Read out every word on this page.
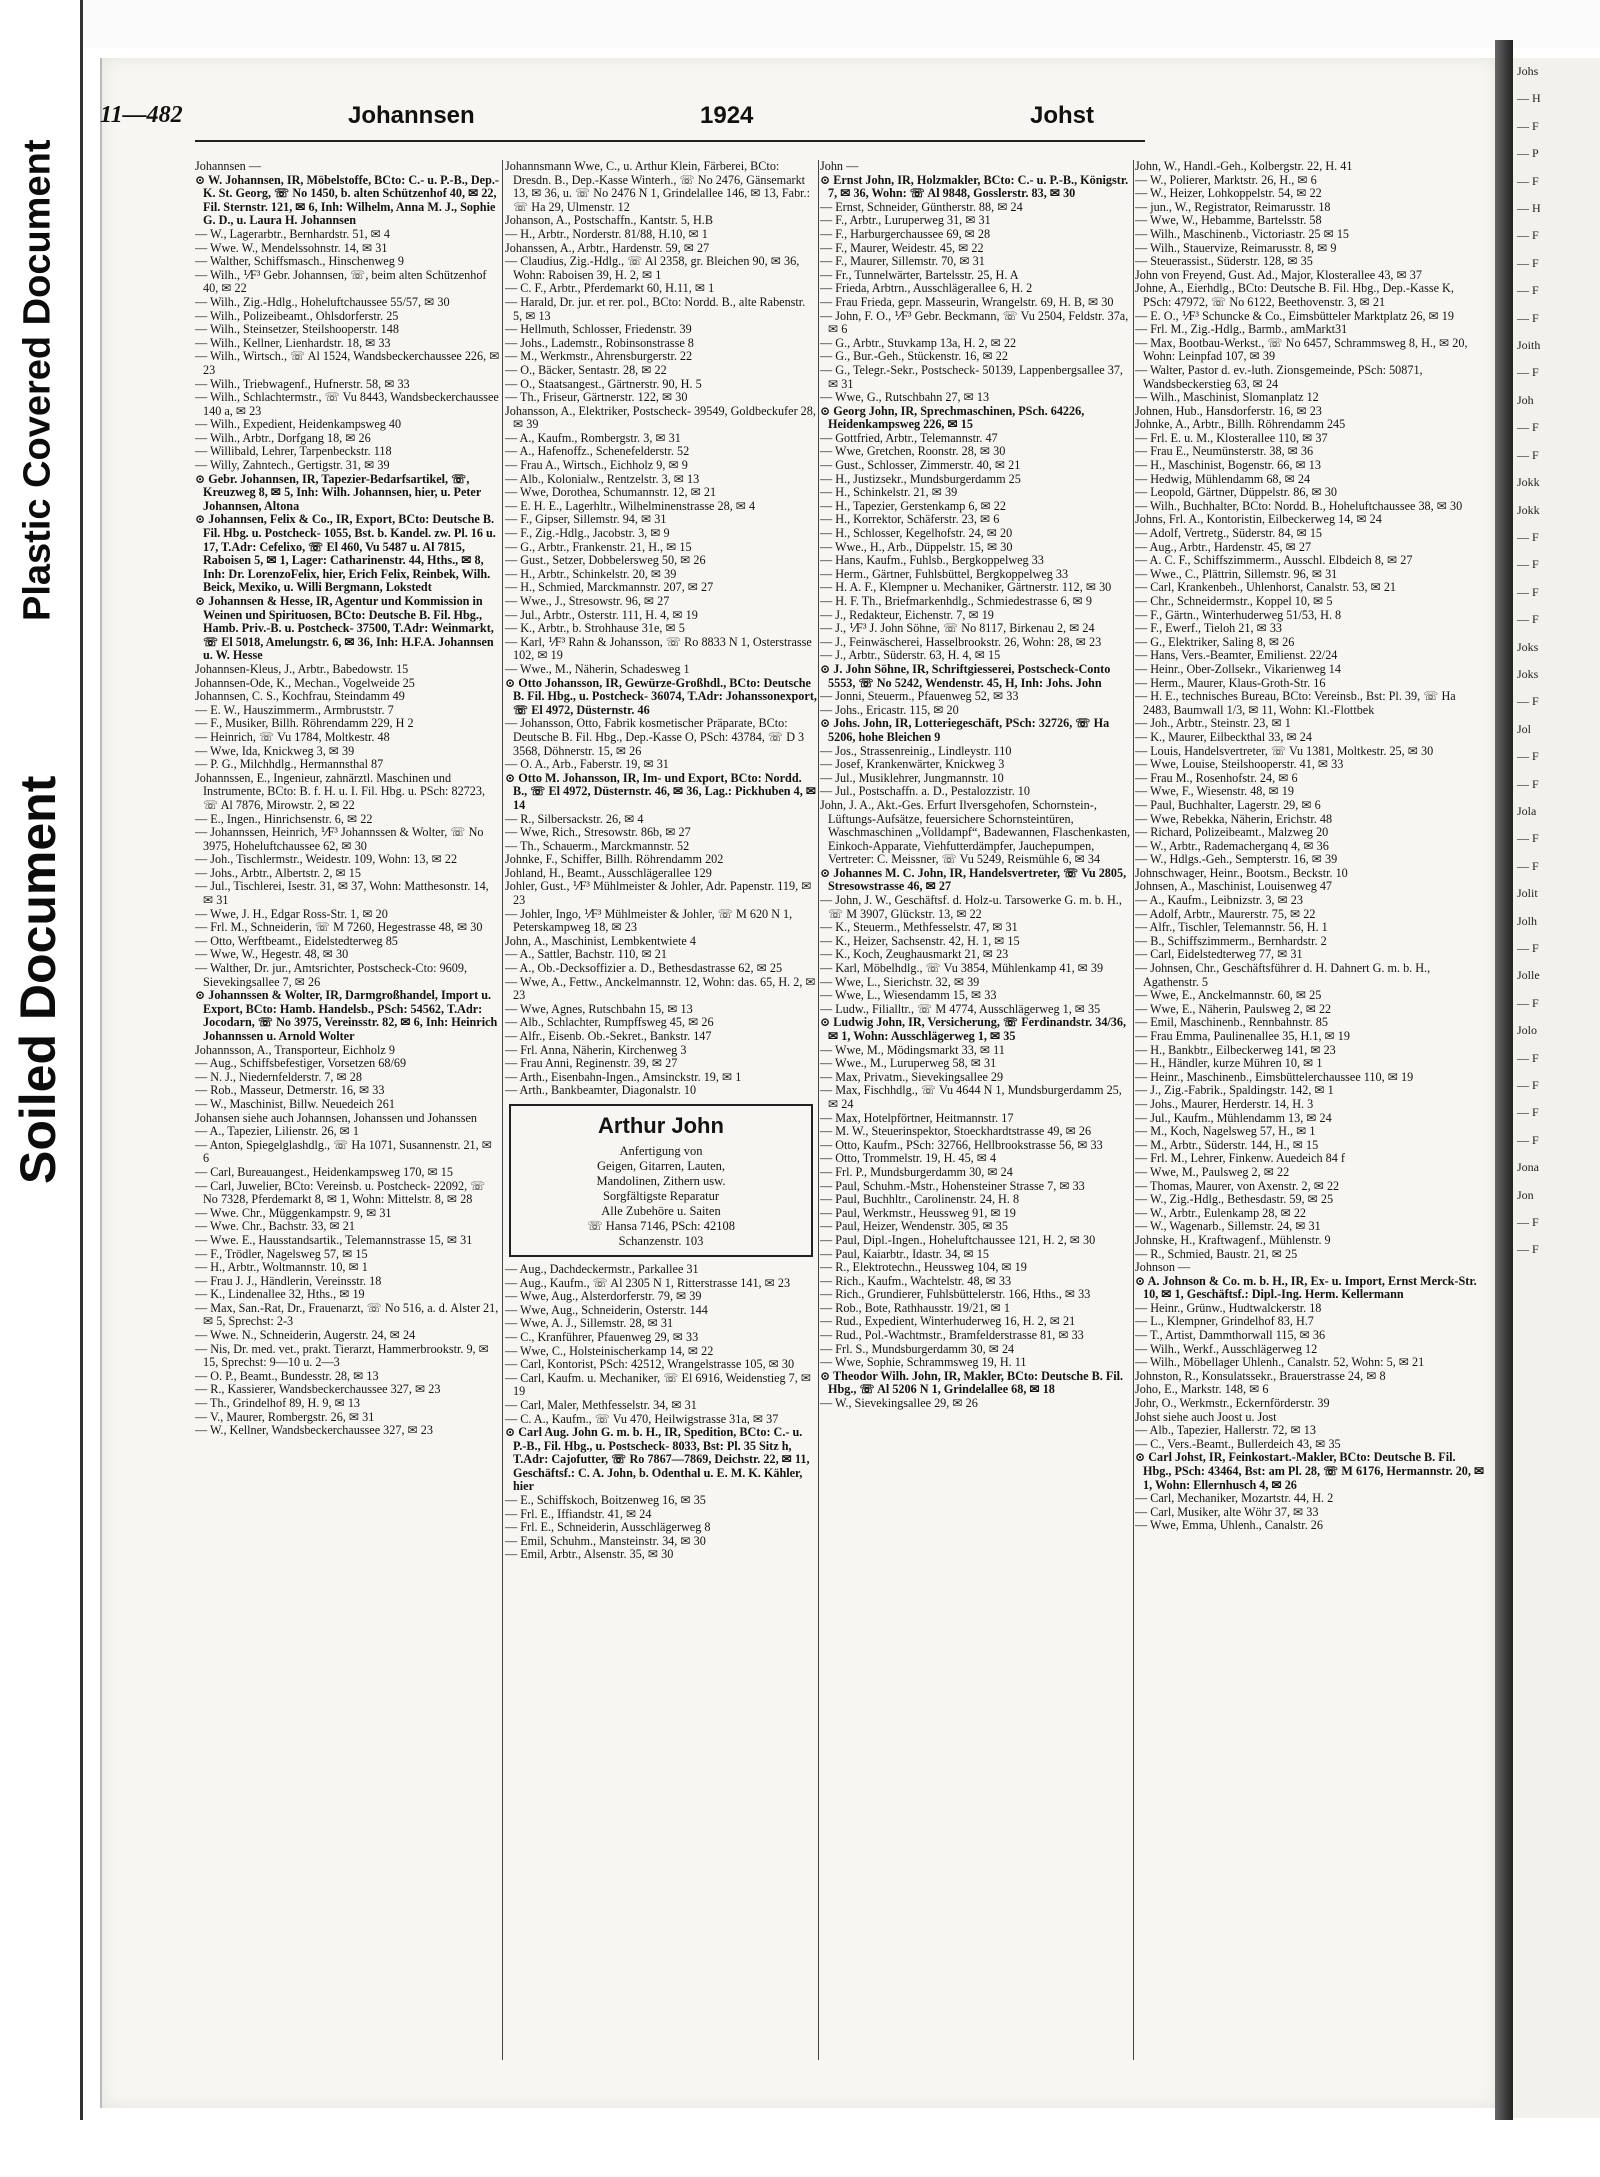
Plastic Covered Document
Soiled Document
Johs
— H
— F
— P
— F
— H
— F
— F
— F
— F
Joith
— F
Joh
— F
— F
Jokk
Jokk
— F
— F
— F
— F
Joks
Joks
— F
Jol
— F
— F
Jola
— F
— F
Jolit
Jolh
— F
Jolle
— F
Jolo
— F
— F
— F
— F
Jona
Jon
— F
— F
11—482	Johannsen	1924	Johst

Johannsen —

⊙ W. Johannsen, IR, Möbelstoffe, BCto: C.- u. P.-B., Dep.-K. St. Georg, ☏ No 1450, b. alten Schützenhof 40, ✉ 22, Fil. Sternstr. 121, ✉ 6, Inh: Wilhelm, Anna M. J., Sophie G. D., u. Laura H. Johannsen

— W., Lagerarbtr., Bernhardstr. 51, ✉ 4

— Wwe. W., Mendelssohnstr. 14, ✉ 31

— Walther, Schiffsmasch., Hinschenweg 9

— Wilh., ⅟F³ Gebr. Johannsen, ☏, beim alten Schützenhof 40, ✉ 22

— Wilh., Zig.-Hdlg., Hoheluftchaussee 55/57, ✉ 30

— Wilh., Polizeibeamt., Ohlsdorferstr. 25

— Wilh., Steinsetzer, Steilshooperstr. 148

— Wilh., Kellner, Lienhardstr. 18, ✉ 33

— Wilh., Wirtsch., ☏ Al 1524, Wandsbeckerchaussee 226, ✉ 23

— Wilh., Triebwagenf., Hufnerstr. 58, ✉ 33

— Wilh., Schlachtermstr., ☏ Vu 8443, Wandsbeckerchaussee 140 a, ✉ 23

— Wilh., Expedient, Heidenkampsweg 40

— Wilh., Arbtr., Dorfgang 18, ✉ 26

— Willibald, Lehrer, Tarpenbeckstr. 118

— Willy, Zahntech., Gertigstr. 31, ✉ 39

⊙ Gebr. Johannsen, IR, Tapezier-Bedarfsartikel, ☏, Kreuzweg 8, ✉ 5, Inh: Wilh. Johannsen, hier, u. Peter Johannsen, Altona

⊙ Johannsen, Felix & Co., IR, Export, BCto: Deutsche B. Fil. Hbg. u. Postcheck- 1055, Bst. b. Kandel. zw. Pl. 16 u. 17, T.Adr: Cefelixo, ☏ El 460, Vu 5487 u. Al 7815, Raboisen 5, ✉ 1, Lager: Catharinenstr. 44, Hths., ✉ 8, Inh: Dr. LorenzoFelix, hier, Erich Felix, Reinbek, Wilh. Beick, Mexiko, u. Willi Bergmann, Lokstedt

⊙ Johannsen & Hesse, IR, Agentur und Kommission in Weinen und Spirituosen, BCto: Deutsche B. Fil. Hbg., Hamb. Priv.-B. u. Postcheck- 37500, T.Adr: Weinmarkt, ☏ El 5018, Amelungstr. 6, ✉ 36, Inh: H.F.A. Johannsen u. W. Hesse

Johannsen-Kleus, J., Arbtr., Babedowstr. 15

Johannsen-Ode, K., Mechan., Vogelweide 25

Johannsen, C. S., Kochfrau, Steindamm 49

— E. W., Hauszimmerm., Armbruststr. 7

— F., Musiker, Billh. Röhrendamm 229, H 2

— Heinrich, ☏ Vu 1784, Moltkestr. 48

— Wwe, Ida, Knickweg 3, ✉ 39

— P. G., Milchhdlg., Hermannsthal 87

Johannssen, E., Ingenieur, zahnärztl. Maschinen und Instrumente, BCto: B. f. H. u. I. Fil. Hbg. u. PSch: 82723, ☏ Al 7876, Mirowstr. 2, ✉ 22

— E., Ingen., Hinrichsenstr. 6, ✉ 22

— Johannssen, Heinrich, ⅟F³ Johannssen & Wolter, ☏ No 3975, Hoheluftchaussee 62, ✉ 30

— Joh., Tischlermstr., Weidestr. 109, Wohn: 13, ✉ 22

— Johs., Arbtr., Albertstr. 2, ✉ 15

— Jul., Tischlerei, Isestr. 31, ✉ 37, Wohn: Matthesonstr. 14, ✉ 31

— Wwe, J. H., Edgar Ross-Str. 1, ✉ 20

— Frl. M., Schneiderin, ☏ M 7260, Hegestrasse 48, ✉ 30

— Otto, Werftbeamt., Eidelstedterweg 85

— Wwe, W., Hegestr. 48, ✉ 30

— Walther, Dr. jur., Amtsrichter, Postscheck-Cto: 9609, Sievekingsallee 7, ✉ 26

⊙ Johannssen & Wolter, IR, Darmgroßhandel, Import u. Export, BCto: Hamb. Handelsb., PSch: 54562, T.Adr: Jocodarn, ☏ No 3975, Vereinsstr. 82, ✉ 6, Inh: Heinrich Johannssen u. Arnold Wolter

Johannsson, A., Transporteur, Eichholz 9

— Aug., Schiffsbefestiger, Vorsetzen 68/69

— N. J., Niedernfelderstr. 7, ✉ 28

— Rob., Masseur, Detmerstr. 16, ✉ 33

— W., Maschinist, Billw. Neuedeich 261

Johansen siehe auch Johannsen, Johanssen und Johanssen

— A., Tapezier, Lilienstr. 26, ✉ 1

— Anton, Spiegelglashdlg., ☏ Ha 1071, Susannenstr. 21, ✉ 6

— Carl, Bureauangest., Heidenkampsweg 170, ✉ 15

— Carl, Juwelier, BCto: Vereinsb. u. Postcheck- 22092, ☏ No 7328, Pferdemarkt 8, ✉ 1, Wohn: Mittelstr. 8, ✉ 28

— Wwe. Chr., Müggenkampstr. 9, ✉ 31

— Wwe. Chr., Bachstr. 33, ✉ 21

— Wwe. E., Hausstandsartik., Telemannstrasse 15, ✉ 31

— F., Trödler, Nagelsweg 57, ✉ 15

— H., Arbtr., Woltmannstr. 10, ✉ 1

— Frau J. J., Händlerin, Vereinsstr. 18

— K., Lindenallee 32, Hths., ✉ 19

— Max, San.-Rat, Dr., Frauenarzt, ☏ No 516, a. d. Alster 21, ✉ 5, Sprechst: 2-3

— Wwe. N., Schneiderin, Augerstr. 24, ✉ 24

— Nis, Dr. med. vet., prakt. Tierarzt, Hammerbrookstr. 9, ✉ 15, Sprechst: 9—10 u. 2—3

— O. P., Beamt., Bundesstr. 28, ✉ 13

— R., Kassierer, Wandsbeckerchaussee 327, ✉ 23

— Th., Grindelhof 89, H. 9, ✉ 13

— V., Maurer, Rombergstr. 26, ✉ 31

— W., Kellner, Wandsbeckerchaussee 327, ✉ 23

Johannsmann Wwe, C., u. Arthur Klein, Färberei, BCto: Dresdn. B., Dep.-Kasse Winterh., ☏ No 2476, Gänsemarkt 13, ✉ 36, u. ☏ No 2476 N 1, Grindelallee 146, ✉ 13, Fabr.: ☏ Ha 29, Ulmenstr. 12

Johanson, A., Postschaffn., Kantstr. 5, H.B

— H., Arbtr., Norderstr. 81/88, H.10, ✉ 1

Johanssen, A., Arbtr., Hardenstr. 59, ✉ 27

— Claudius, Zig.-Hdlg., ☏ Al 2358, gr. Bleichen 90, ✉ 36, Wohn: Raboisen 39, H. 2, ✉ 1

— C. F., Arbtr., Pferdemarkt 60, H.11, ✉ 1

— Harald, Dr. jur. et rer. pol., BCto: Nordd. B., alte Rabenstr. 5, ✉ 13

— Hellmuth, Schlosser, Friedenstr. 39

— Johs., Lademstr., Robinsonstrasse 8

— M., Werkmstr., Ahrensburgerstr. 22

— O., Bäcker, Sentastr. 28, ✉ 22

— O., Staatsangest., Gärtnerstr. 90, H. 5

— Th., Friseur, Gärtnerstr. 122, ✉ 30

Johansson, A., Elektriker, Postscheck- 39549, Goldbeckufer 28, ✉ 39

— A., Kaufm., Rombergstr. 3, ✉ 31

— A., Hafenoffz., Schenefelderstr. 52

— Frau A., Wirtsch., Eichholz 9, ✉ 9

— Alb., Kolonialw., Rentzelstr. 3, ✉ 13

— Wwe, Dorothea, Schumannstr. 12, ✉ 21

— E. H. E., Lagerhltr., Wilhelminenstrasse 28, ✉ 4

— F., Gipser, Sillemstr. 94, ✉ 31

— F., Zig.-Hdlg., Jacobstr. 3, ✉ 9

— G., Arbtr., Frankenstr. 21, H., ✉ 15

— Gust., Setzer, Dobbelersweg 50, ✉ 26

— H., Arbtr., Schinkelstr. 20, ✉ 39

— H., Schmied, Marckmannstr. 207, ✉ 27

— Wwe., J., Stresowstr. 96, ✉ 27

— Jul., Arbtr., Osterstr. 111, H. 4, ✉ 19

— K., Arbtr., b. Strohhause 31e, ✉ 5

— Karl, ⅟F³ Rahn & Johansson, ☏ Ro 8833 N 1, Osterstrasse 102, ✉ 19

— Wwe., M., Näherin, Schadesweg 1

⊙ Otto Johansson, IR, Gewürze-Großhdl., BCto: Deutsche B. Fil. Hbg., u. Postcheck- 36074, T.Adr: Johanssonexport, ☏ El 4972, Düsternstr. 46

— Johansson, Otto, Fabrik kosmetischer Präparate, BCto: Deutsche B. Fil. Hbg., Dep.-Kasse O, PSch: 43784, ☏ D 3 3568, Döhnerstr. 15, ✉ 26

— O. A., Arb., Faberstr. 19, ✉ 31

⊙ Otto M. Johansson, IR, Im- und Export, BCto: Nordd. B., ☏ El 4972, Düsternstr. 46, ✉ 36, Lag.: Pickhuben 4, ✉ 14

— R., Silbersackstr. 26, ✉ 4

— Wwe, Rich., Stresowstr. 86b, ✉ 27

— Th., Schauerm., Marckmannstr. 52

Johnke, F., Schiffer, Billh. Röhrendamm 202

Johland, H., Beamt., Ausschlägerallee 129

Johler, Gust., ⅟F³ Mühlmeister & Johler, Adr. Papenstr. 119, ✉ 23

— Johler, Ingo, ⅟F³ Mühlmeister & Johler, ☏ M 620 N 1, Peterskampweg 18, ✉ 23

John, A., Maschinist, Lembkentwiete 4

— A., Sattler, Bachstr. 110, ✉ 21

— A., Ob.-Decksoffizier a. D., Bethesdastrasse 62, ✉ 25

— Wwe, A., Fettw., Anckelmannstr. 12, Wohn: das. 65, H. 2, ✉ 23

— Wwe, Agnes, Rutschbahn 15, ✉ 13

— Alb., Schlachter, Rumpffsweg 45, ✉ 26

— Alfr., Eisenb. Ob.-Sekret., Bankstr. 147

— Frl. Anna, Näherin, Kirchenweg 3

— Frau Anni, Reginenstr. 39, ✉ 27

— Arth., Eisenbahn-Ingen., Amsinckstr. 19, ✉ 1

— Arth., Bankbeamter, Diagonalstr. 10

Arthur John
Anfertigung von
Geigen, Gitarren, Lauten,
Mandolinen, Zithern usw.
Sorgfältigste Reparatur
Alle Zubehöre u. Saiten
☏ Hansa 7146, PSch: 42108
Schanzenstr. 103

— Aug., Dachdeckermstr., Parkallee 31

— Aug., Kaufm., ☏ Al 2305 N 1, Ritterstrasse 141, ✉ 23

— Wwe, Aug., Alsterdorferstr. 79, ✉ 39

— Wwe, Aug., Schneiderin, Osterstr. 144

— Wwe, A. J., Sillemstr. 28, ✉ 31

— C., Kranführer, Pfauenweg 29, ✉ 33

— Wwe, C., Holsteinischerkamp 14, ✉ 22

— Carl, Kontorist, PSch: 42512, Wrangelstrasse 105, ✉ 30

— Carl, Kaufm. u. Mechaniker, ☏ El 6916, Weidenstieg 7, ✉ 19

— Carl, Maler, Methfesselstr. 34, ✉ 31

— C. A., Kaufm., ☏ Vu 470, Heilwigstrasse 31a, ✉ 37

⊙ Carl Aug. John G. m. b. H., IR, Spedition, BCto: C.- u. P.-B., Fil. Hbg., u. Postscheck- 8033, Bst: Pl. 35 Sitz h, T.Adr: Cajofutter, ☏ Ro 7867—7869, Deichstr. 22, ✉ 11, Geschäftsf.: C. A. John, b. Odenthal u. E. M. K. Kähler, hier

— E., Schiffskoch, Boitzenweg 16, ✉ 35

— Frl. E., Iffiandstr. 41, ✉ 24

— Frl. E., Schneiderin, Ausschlägerweg 8

— Emil, Schuhm., Mansteinstr. 34, ✉ 30

— Emil, Arbtr., Alsenstr. 35, ✉ 30

John —

⊙ Ernst John, IR, Holzmakler, BCto: C.- u. P.-B., Königstr. 7, ✉ 36, Wohn: ☏ Al 9848, Gosslerstr. 83, ✉ 30

— Ernst, Schneider, Güntherstr. 88, ✉ 24

— F., Arbtr., Luruperweg 31, ✉ 31

— F., Harburgerchaussee 69, ✉ 28

— F., Maurer, Weidestr. 45, ✉ 22

— F., Maurer, Sillemstr. 70, ✉ 31

— Fr., Tunnelwärter, Bartelsstr. 25, H. A

— Frieda, Arbtrn., Ausschlägerallee 6, H. 2

— Frau Frieda, gepr. Masseurin, Wrangelstr. 69, H. B, ✉ 30

— John, F. O., ⅟F³ Gebr. Beckmann, ☏ Vu 2504, Feldstr. 37a, ✉ 6

— G., Arbtr., Stuvkamp 13a, H. 2, ✉ 22

— G., Bur.-Geh., Stückenstr. 16, ✉ 22

— G., Telegr.-Sekr., Postscheck- 50139, Lappenbergsallee 37, ✉ 31

— Wwe, G., Rutschbahn 27, ✉ 13

⊙ Georg John, IR, Sprechmaschinen, PSch. 64226, Heidenkampsweg 226, ✉ 15

— Gottfried, Arbtr., Telemannstr. 47

— Wwe, Gretchen, Roonstr. 28, ✉ 30

— Gust., Schlosser, Zimmerstr. 40, ✉ 21

— H., Justizsekr., Mundsburgerdamm 25

— H., Schinkelstr. 21, ✉ 39

— H., Tapezier, Gerstenkamp 6, ✉ 22

— H., Korrektor, Schäferstr. 23, ✉ 6

— H., Schlosser, Kegelhofstr. 24, ✉ 20

— Wwe., H., Arb., Düppelstr. 15, ✉ 30

— Hans, Kaufm., Fuhlsb., Bergkoppelweg 33

— Herm., Gärtner, Fuhlsbüttel, Bergkoppelweg 33

— H. A. F., Klempner u. Mechaniker, Gärtnerstr. 112, ✉ 30

— H. F. Th., Briefmarkenhdlg., Schmiedestrasse 6, ✉ 9

— J., Redakteur, Eichenstr. 7, ✉ 19

— J., ⅟F³ J. John Söhne, ☏ No 8117, Birkenau 2, ✉ 24

— J., Feinwäscherei, Hasselbrookstr. 26, Wohn: 28, ✉ 23

— J., Arbtr., Süderstr. 63, H. 4, ✉ 15

⊙ J. John Söhne, IR, Schriftgiesserei, Postscheck-Conto 5553, ☏ No 5242, Wendenstr. 45, H, Inh: Johs. John

— Jonni, Steuerm., Pfauenweg 52, ✉ 33

— Johs., Ericastr. 115, ✉ 20

⊙ Johs. John, IR, Lotteriegeschäft, PSch: 32726, ☏ Ha 5206, hohe Bleichen 9

— Jos., Strassenreinig., Lindleystr. 110

— Josef, Krankenwärter, Knickweg 3

— Jul., Musiklehrer, Jungmannstr. 10

— Jul., Postschaffn. a. D., Pestalozzistr. 10

John, J. A., Akt.-Ges. Erfurt Ilversgehofen, Schornstein-, Lüftungs-Aufsätze, feuersichere Schornsteintüren, Waschmaschinen „Volldampf“, Badewannen, Flaschenkasten, Einkoch-Apparate, Viehfutterdämpfer, Jauchepumpen, Vertreter: C. Meissner, ☏ Vu 5249, Reismühle 6, ✉ 34

⊙ Johannes M. C. John, IR, Handelsvertreter, ☏ Vu 2805, Stresowstrasse 46, ✉ 27

— John, J. W., Geschäftsf. d. Holz-u. Tarsowerke G. m. b. H., ☏ M 3907, Glückstr. 13, ✉ 22

— K., Steuerm., Methfesselstr. 47, ✉ 31

— K., Heizer, Sachsenstr. 42, H. 1, ✉ 15

— K., Koch, Zeughausmarkt 21, ✉ 23

— Karl, Möbelhdlg., ☏ Vu 3854, Mühlenkamp 41, ✉ 39

— Wwe, L., Sierichstr. 32, ✉ 39

— Wwe, L., Wiesendamm 15, ✉ 33

— Ludw., Filialltr., ☏ M 4774, Ausschlägerweg 1, ✉ 35

⊙ Ludwig John, IR, Versicherung, ☏ Ferdinandstr. 34/36, ✉ 1, Wohn: Ausschlägerweg 1, ✉ 35

— Wwe, M., Mödingsmarkt 33, ✉ 11

— Wwe., M., Luruperweg 58, ✉ 31

— Max, Privatm., Sievekingsallee 29

— Max, Fischhdlg., ☏ Vu 4644 N 1, Mundsburgerdamm 25, ✉ 24

— Max, Hotelpförtner, Heitmannstr. 17

— M. W., Steuerinspektor, Stoeckhardtstrasse 49, ✉ 26

— Otto, Kaufm., PSch: 32766, Hellbrookstrasse 56, ✉ 33

— Otto, Trommelstr. 19, H. 45, ✉ 4

— Frl. P., Mundsburgerdamm 30, ✉ 24

— Paul, Schuhm.-Mstr., Hohensteiner Strasse 7, ✉ 33

— Paul, Buchhltr., Carolinenstr. 24, H. 8

— Paul, Werkmstr., Heussweg 91, ✉ 19

— Paul, Heizer, Wendenstr. 305, ✉ 35

— Paul, Dipl.-Ingen., Hoheluftchaussee 121, H. 2, ✉ 30

— Paul, Kaiarbtr., Idastr. 34, ✉ 15

— R., Elektrotechn., Heussweg 104, ✉ 19

— Rich., Kaufm., Wachtelstr. 48, ✉ 33

— Rich., Grundierer, Fuhlsbüttelerstr. 166, Hths., ✉ 33

— Rob., Bote, Rathhausstr. 19/21, ✉ 1

— Rud., Expedient, Winterhuderweg 16, H. 2, ✉ 21

— Rud., Pol.-Wachtmstr., Bramfelderstrasse 81, ✉ 33

— Frl. S., Mundsburgerdamm 30, ✉ 24

— Wwe, Sophie, Schrammsweg 19, H. 11

⊙ Theodor Wilh. John, IR, Makler, BCto: Deutsche B. Fil. Hbg., ☏ Al 5206 N 1, Grindelallee 68, ✉ 18

— W., Sievekingsallee 29, ✉ 26

John, W., Handl.-Geh., Kolbergstr. 22, H. 41

— W., Polierer, Marktstr. 26, H., ✉ 6

— W., Heizer, Lohkoppelstr. 54, ✉ 22

— jun., W., Registrator, Reimarusstr. 18

— Wwe, W., Hebamme, Bartelsstr. 58

— Wilh., Maschinenb., Victoriastr. 25 ✉ 15

— Wilh., Stauervize, Reimarusstr. 8, ✉ 9

— Steuerassist., Süderstr. 128, ✉ 35

John von Freyend, Gust. Ad., Major, Klosterallee 43, ✉ 37

Johne, A., Eierhdlg., BCto: Deutsche B. Fil. Hbg., Dep.-Kasse K, PSch: 47972, ☏ No 6122, Beethovenstr. 3, ✉ 21

— E. O., ⅟F³ Schuncke & Co., Eimsbütteler Marktplatz 26, ✉ 19

— Frl. M., Zig.-Hdlg., Barmb., amMarkt31

— Max, Bootbau-Werkst., ☏ No 6457, Schrammsweg 8, H., ✉ 20, Wohn: Leinpfad 107, ✉ 39

— Walter, Pastor d. ev.-luth. Zionsgemeinde, PSch: 50871, Wandsbeckerstieg 63, ✉ 24

— Wilh., Maschinist, Slomanplatz 12

Johnen, Hub., Hansdorferstr. 16, ✉ 23

Johnke, A., Arbtr., Billh. Röhrendamm 245

— Frl. E. u. M., Klosterallee 110, ✉ 37

— Frau E., Neumünsterstr. 38, ✉ 36

— H., Maschinist, Bogenstr. 66, ✉ 13

— Hedwig, Mühlendamm 68, ✉ 24

— Leopold, Gärtner, Düppelstr. 86, ✉ 30

— Wilh., Buchhalter, BCto: Nordd. B., Hoheluftchaussee 38, ✉ 30

Johns, Frl. A., Kontoristin, Eilbeckerweg 14, ✉ 24

— Adolf, Vertretg., Süderstr. 84, ✉ 15

— Aug., Arbtr., Hardenstr. 45, ✉ 27

— A. C. F., Schiffszimmerm., Ausschl. Elbdeich 8, ✉ 27

— Wwe., C., Plättrin, Sillemstr. 96, ✉ 31

— Carl, Krankenbeh., Uhlenhorst, Canalstr. 53, ✉ 21

— Chr., Schneidermstr., Koppel 10, ✉ 5

— F., Gärtn., Winterhuderweg 51/53, H. 8

— F., Ewerf., Tieloh 21, ✉ 33

— G., Elektriker, Saling 8, ✉ 26

— Hans, Vers.-Beamter, Emilienst. 22/24

— Heinr., Ober-Zollsekr., Vikarienweg 14

— Herm., Maurer, Klaus-Groth-Str. 16

— H. E., technisches Bureau, BCto: Vereinsb., Bst: Pl. 39, ☏ Ha 2483, Baumwall 1/3, ✉ 11, Wohn: Kl.-Flottbek

— Joh., Arbtr., Steinstr. 23, ✉ 1

— K., Maurer, Eilbeckthal 33, ✉ 24

— Louis, Handelsvertreter, ☏ Vu 1381, Moltkestr. 25, ✉ 30

— Wwe, Louise, Steilshooperstr. 41, ✉ 33

— Frau M., Rosenhofstr. 24, ✉ 6

— Wwe, F., Wiesenstr. 48, ✉ 19

— Paul, Buchhalter, Lagerstr. 29, ✉ 6

— Wwe, Rebekka, Näherin, Erichstr. 48

— Richard, Polizeibeamt., Malzweg 20

— W., Arbtr., Rademacherganq 4, ✉ 36

— W., Hdlgs.-Geh., Sempterstr. 16, ✉ 39

Johnschwager, Heinr., Bootsm., Beckstr. 10

Johnsen, A., Maschinist, Louisenweg 47

— A., Kaufm., Leibnizstr. 3, ✉ 23

— Adolf, Arbtr., Maurerstr. 75, ✉ 22

— Alfr., Tischler, Telemannstr. 56, H. 1

— B., Schiffszimmerm., Bernhardstr. 2

— Carl, Eidelstedterweg 77, ✉ 31

— Johnsen, Chr., Geschäftsführer d. H. Dahnert G. m. b. H., Agathenstr. 5

— Wwe, E., Anckelmannstr. 60, ✉ 25

— Wwe, E., Näherin, Paulsweg 2, ✉ 22

— Emil, Maschinenb., Rennbahnstr. 85

— Frau Emma, Paulinenallee 35, H.1, ✉ 19

— H., Bankbtr., Eilbeckerweg 141, ✉ 23

— H., Händler, kurze Mühren 10, ✉ 1

— Heinr., Maschinenb., Eimsbüttelerchaussee 110, ✉ 19

— J., Zig.-Fabrik., Spaldingstr. 142, ✉ 1

— Johs., Maurer, Herderstr. 14, H. 3

— Jul., Kaufm., Mühlendamm 13, ✉ 24

— M., Koch, Nagelsweg 57, H., ✉ 1

— M., Arbtr., Süderstr. 144, H., ✉ 15

— Frl. M., Lehrer, Finkenw. Auedeich 84 f

— Wwe, M., Paulsweg 2, ✉ 22

— Thomas, Maurer, von Axenstr. 2, ✉ 22

— W., Zig.-Hdlg., Bethesdastr. 59, ✉ 25

— W., Arbtr., Eulenkamp 28, ✉ 22

— W., Wagenarb., Sillemstr. 24, ✉ 31

Johnske, H., Kraftwagenf., Mühlenstr. 9

— R., Schmied, Baustr. 21, ✉ 25

Johnson —

⊙ A. Johnson & Co. m. b. H., IR, Ex- u. Import, Ernst Merck-Str. 10, ✉ 1, Geschäftsf.: Dipl.-Ing. Herm. Kellermann

— Heinr., Grünw., Hudtwalckerstr. 18

— L., Klempner, Grindelhof 83, H.7

— T., Artist, Dammthorwall 115, ✉ 36

— Wilh., Werkf., Ausschlägerweg 12

— Wilh., Möbellager Uhlenh., Canalstr. 52, Wohn: 5, ✉ 21

Johnston, R., Konsulatssekr., Brauerstrasse 24, ✉ 8

Joho, E., Markstr. 148, ✉ 6

Johr, O., Werkmstr., Eckernförderstr. 39

Johst siehe auch Joost u. Jost

— Alb., Tapezier, Hallerstr. 72, ✉ 13

— C., Vers.-Beamt., Bullerdeich 43, ✉ 35

⊙ Carl Johst, IR, Feinkostart.-Makler, BCto: Deutsche B. Fil. Hbg., PSch: 43464, Bst: am Pl. 28, ☏ M 6176, Hermannstr. 20, ✉ 1, Wohn: Ellernhusch 4, ✉ 26

— Carl, Mechaniker, Mozartstr. 44, H. 2

— Carl, Musiker, alte Wöhr 37, ✉ 33

— Wwe, Emma, Uhlenh., Canalstr. 26
